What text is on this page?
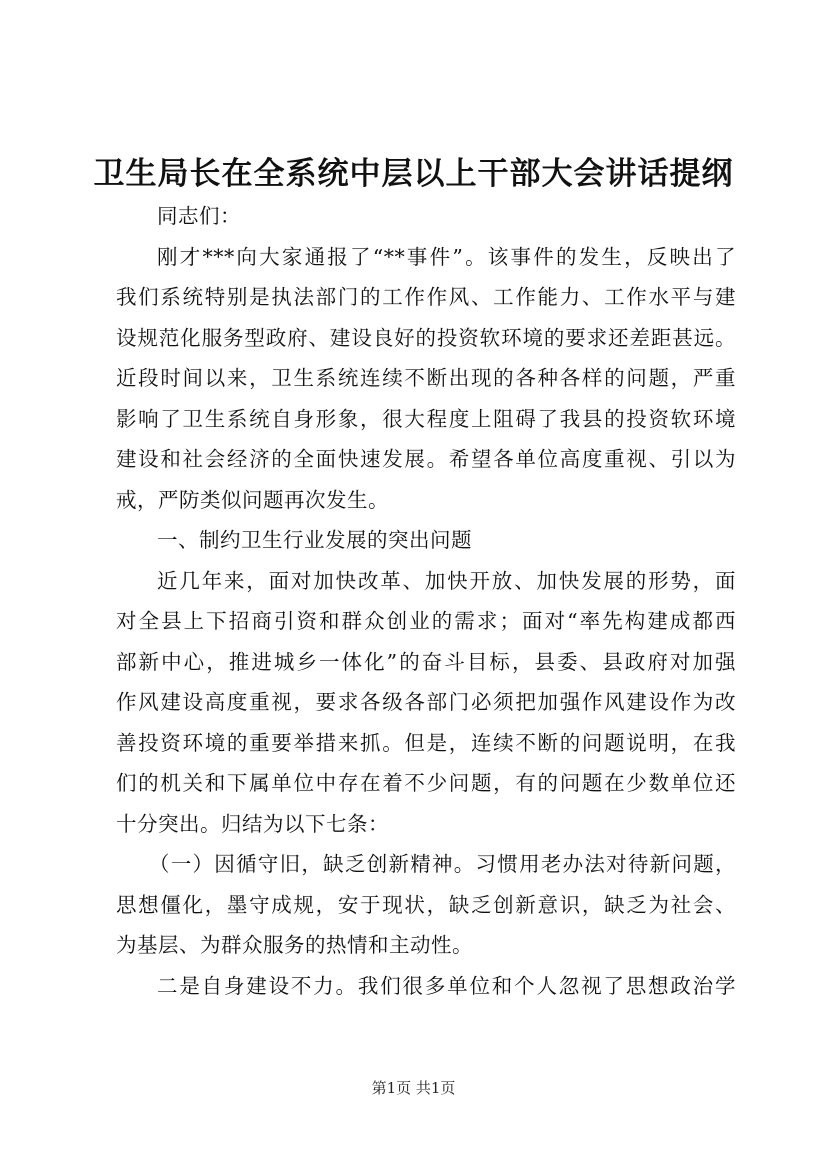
卫生局长在全系统中层以上干部大会讲话提纲
同志们：
刚才***向大家通报了“**事件”。该事件的发生，反映出了
我们系统特别是执法部门的工作作风、工作能力、工作水平与建
设规范化服务型政府、建设良好的投资软环境的要求还差距甚远。
近段时间以来，卫生系统连续不断出现的各种各样的问题，严重
影响了卫生系统自身形象，很大程度上阻碍了我县的投资软环境
建设和社会经济的全面快速发展。希望各单位高度重视、引以为
戒，严防类似问题再次发生。
一、制约卫生行业发展的突出问题
近几年来，面对加快改革、加快开放、加快发展的形势，面
对全县上下招商引资和群众创业的需求；面对“率先构建成都西
部新中心，推进城乡一体化”的奋斗目标，县委、县政府对加强
作风建设高度重视，要求各级各部门必须把加强作风建设作为改
善投资环境的重要举措来抓。但是，连续不断的问题说明，在我
们的机关和下属单位中存在着不少问题，有的问题在少数单位还
十分突出。归结为以下七条：
（一）因循守旧，缺乏创新精神。习惯用老办法对待新问题，
思想僵化，墨守成规，安于现状，缺乏创新意识，缺乏为社会、
为基层、为群众服务的热情和主动性。
二是自身建设不力。我们很多单位和个人忽视了思想政治学
第1页 共1页
